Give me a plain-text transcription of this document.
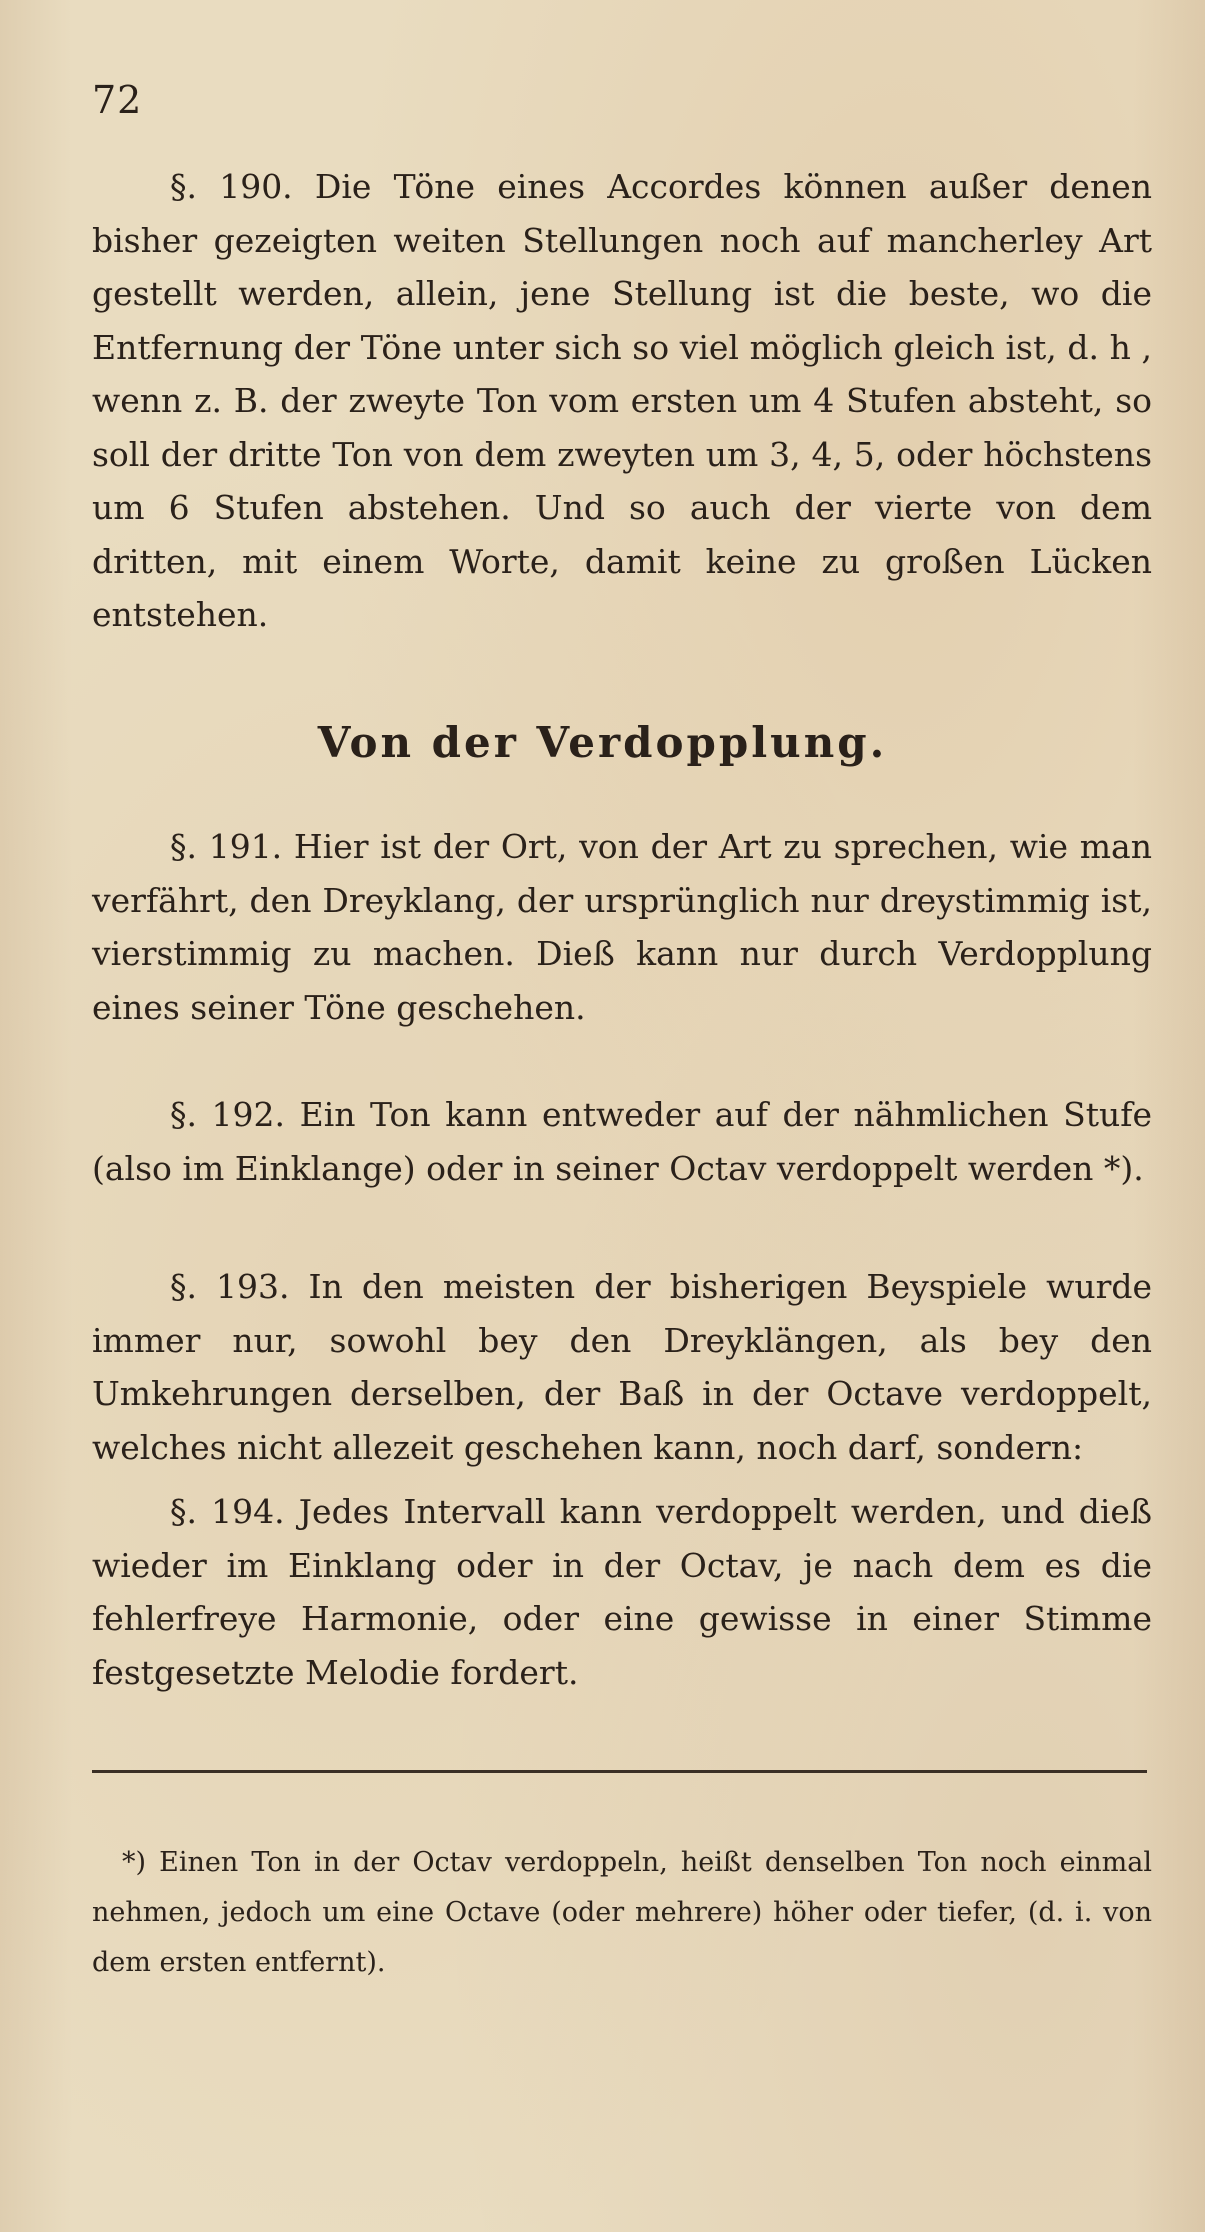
72

§. 190. Die Töne eines Accordes können außer denen bisher gezeigten weiten Stellungen noch auf mancherley Art gestellt werden, allein, jene Stellung ist die beste, wo die Entfernung der Töne unter sich so viel möglich gleich ist, d. h , wenn z. B. der zweyte Ton vom ersten um 4 Stufen absteht, so soll der dritte Ton von dem zweyten um 3, 4, 5, oder höchstens um 6 Stufen abstehen. Und so auch der vierte von dem dritten, mit einem Worte, damit keine zu großen Lücken entstehen.

Von der Verdopplung.

§. 191. Hier ist der Ort, von der Art zu sprechen, wie man verfährt, den Dreyklang, der ursprünglich nur dreystimmig ist, vierstimmig zu machen. Dieß kann nur durch Verdopplung eines seiner Töne geschehen.

§. 192. Ein Ton kann entweder auf der nähmlichen Stufe (also im Einklange) oder in seiner Octav verdoppelt werden *).

§. 193. In den meisten der bisherigen Beyspiele wurde immer nur, sowohl bey den Dreyklängen, als bey den Umkehrungen derselben, der Baß in der Octave verdoppelt, welches nicht allezeit geschehen kann, noch darf, sondern:

§. 194. Jedes Intervall kann verdoppelt werden, und dieß wieder im Einklang oder in der Octav, je nach dem es die fehlerfreye Harmonie, oder eine gewisse in einer Stimme festgesetzte Melodie fordert.

*) Einen Ton in der Octav verdoppeln, heißt denselben Ton noch einmal nehmen, jedoch um eine Octave (oder mehrere) höher oder tiefer, (d. i. von dem ersten entfernt).
